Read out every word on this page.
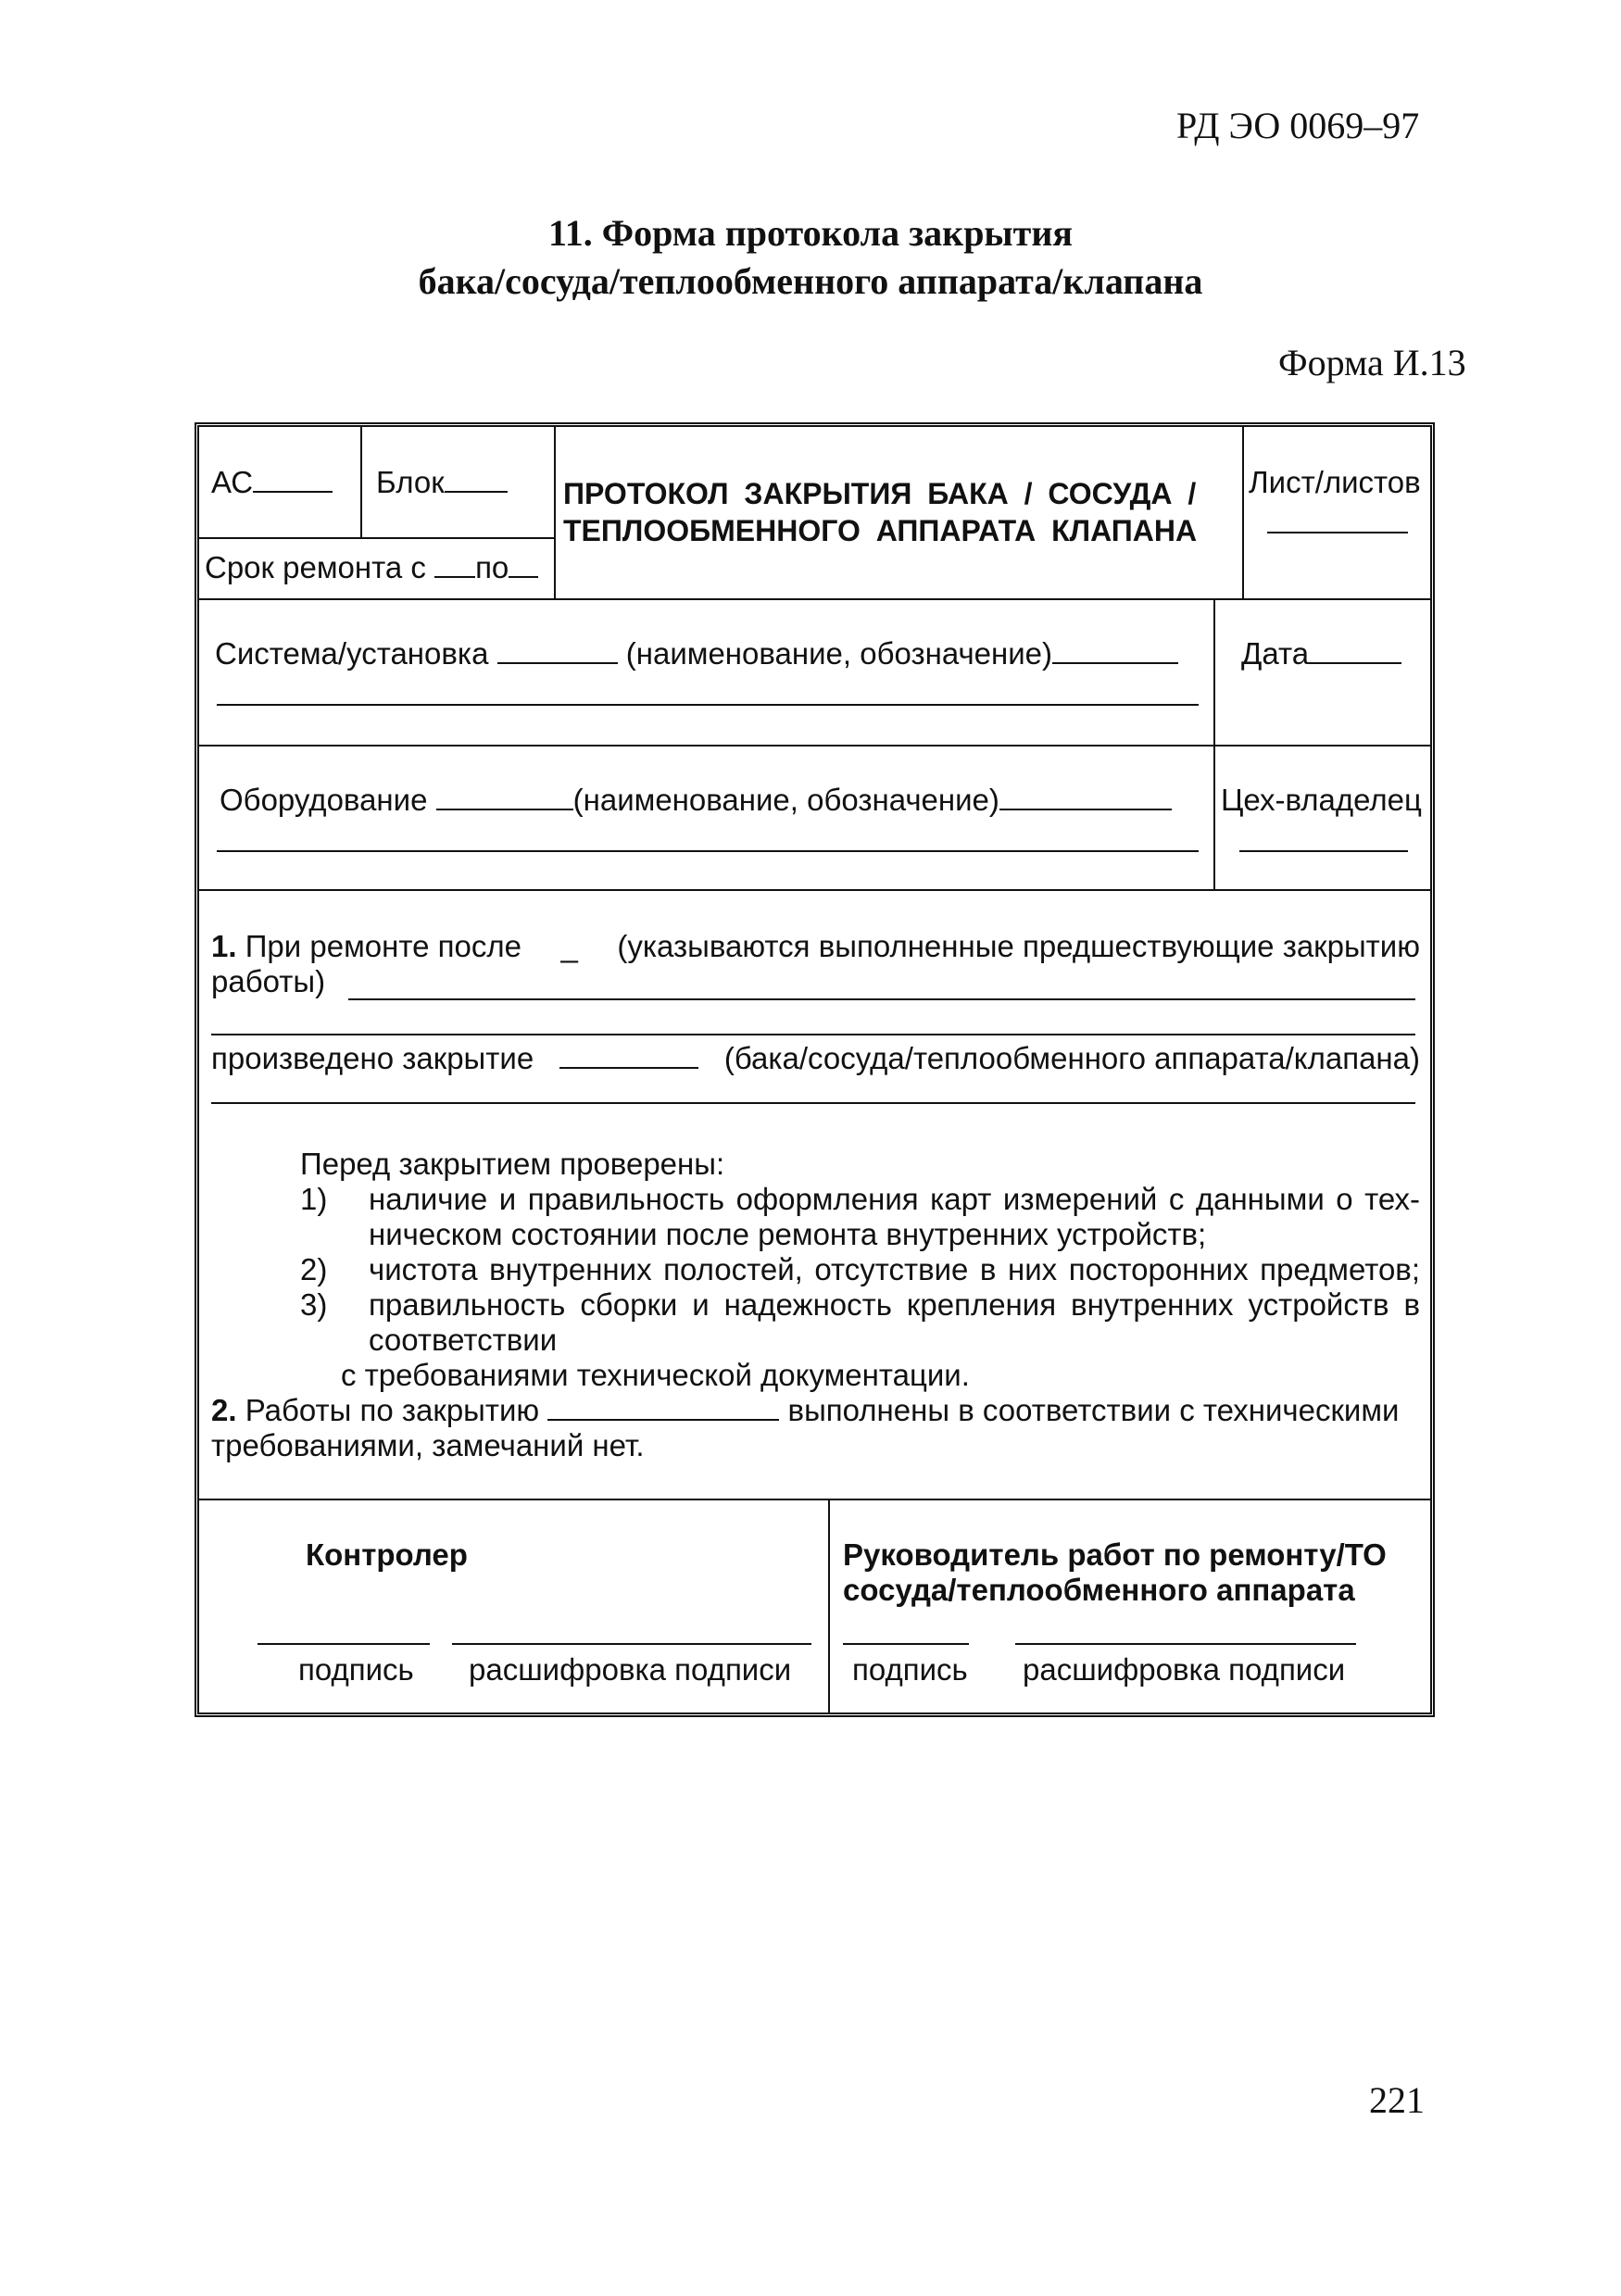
РД ЭО 0069–97
11. Форма протокола закрытия
бака/сосуда/теплообменного аппарата/клапана
Форма И.13
АС	Блок
Срок ремонта с по
ПРОТОКОЛ ЗАКРЫТИЯ БАКА / СОСУДА /
ТЕПЛООБМЕННОГО АППАРАТА КЛАПАНА
Лист/листов
Система/установка	(наименование, обозначение)	Дата
Оборудование	(наименование, обозначение)	Цех-владелец
1. При ремонте после _ (указываются выполненные предшествующие закрытию
работы)
произведено закрытие	(бака/сосуда/теплообменного аппарата/клапана)
Перед закрытием проверены:
1) наличие и правильность оформления карт измерений с данными о тех-
ническом состоянии после ремонта внутренних устройств;
2) чистота внутренних полостей, отсутствие в них посторонних предметов;
3) правильность сборки и надежность крепления внутренних устройств в
соответствии
с требованиями технической документации.
2. Работы по закрытию	выполнены в соответствии с техническими
требованиями, замечаний нет.
Контролер
подпись расшифровка подписи
Руководитель работ по ремонту/ТО
сосуда/теплообменного аппарата
подпись расшифровка подписи
221
